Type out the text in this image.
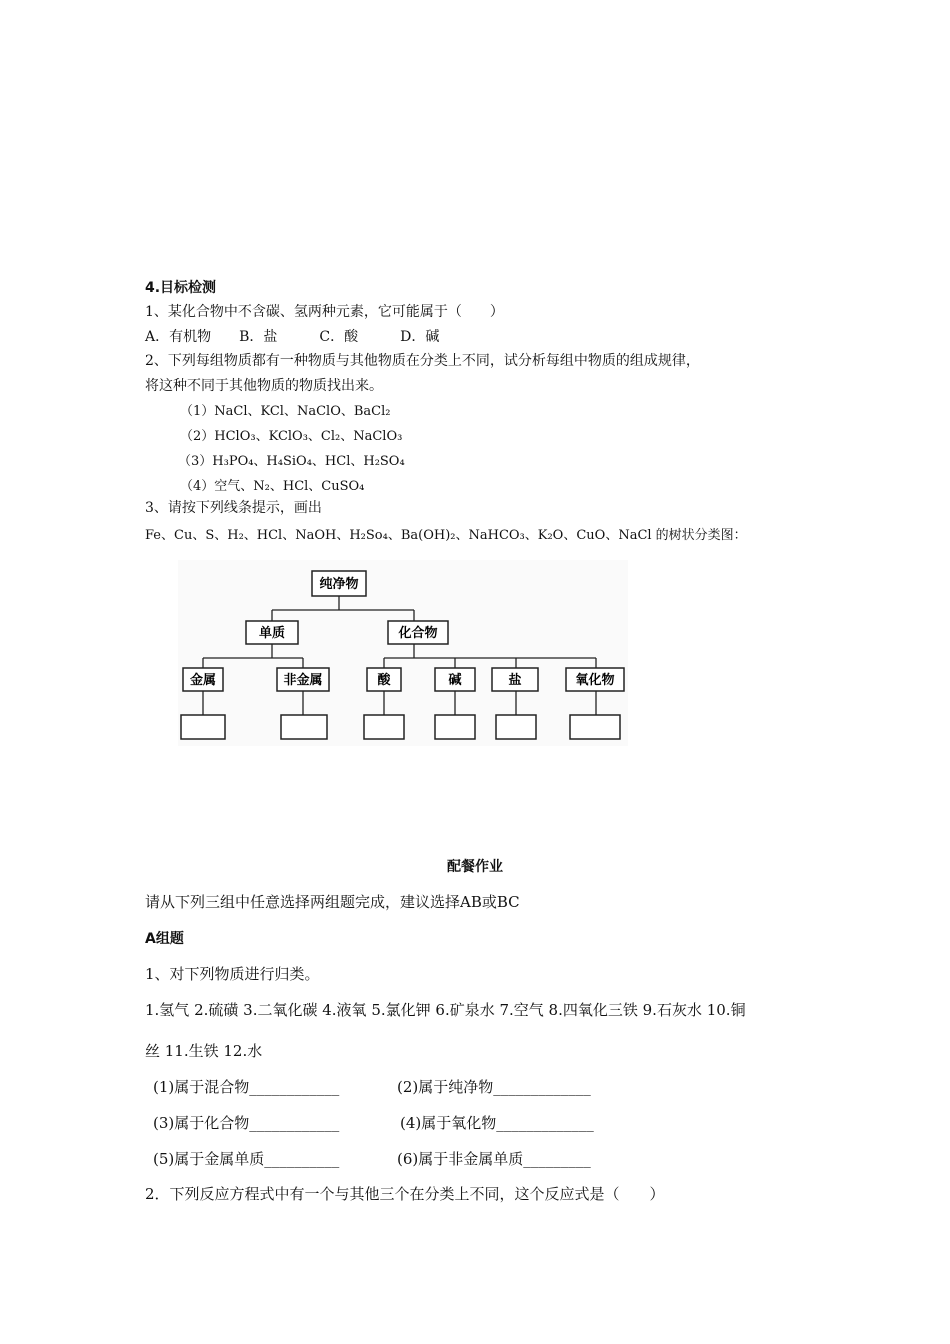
4.目标检测
1、某化合物中不含碳、氢两种元素，它可能属于（　　）
A．有机物　　B．盐　　　C．酸　　　D．碱
2、下列每组物质都有一种物质与其他物质在分类上不同，试分析每组中物质的组成规律，
将这种不同于其他物质的物质找出来。
（1）NaCl、KCl、NaClO、BaCl₂
（2）HClO₃、KClO₃、Cl₂、NaClO₃
（3）H₃PO₄、H₄SiO₄、HCl、H₂SO₄
（4）空气、N₂、HCl、CuSO₄
3、请按下列线条提示，画出
Fe、Cu、S、H₂、HCl、NaOH、H₂So₄、Ba(OH)₂、NaHCO₃、K₂O、CuO、NaCl 的树状分类图：
纯净物
单质	化合物
金属	非金属	酸	碱	盐	氧化物
配餐作业
请从下列三组中任意选择两组题完成，建议选择AB或BC
A组题
1、对下列物质进行归类。
1.氢气 2.硫磺 3.二氧化碳 4.液氧 5.氯化钾 6.矿泉水 7.空气 8.四氧化三铁 9.石灰水 10.铜
丝 11.生铁 12.水
(1)属于混合物____________	(2)属于纯净物_____________
(3)属于化合物____________	(4)属于氧化物_____________
(5)属于金属单质__________	(6)属于非金属单质_________
2．下列反应方程式中有一个与其他三个在分类上不同，这个反应式是（　　）
